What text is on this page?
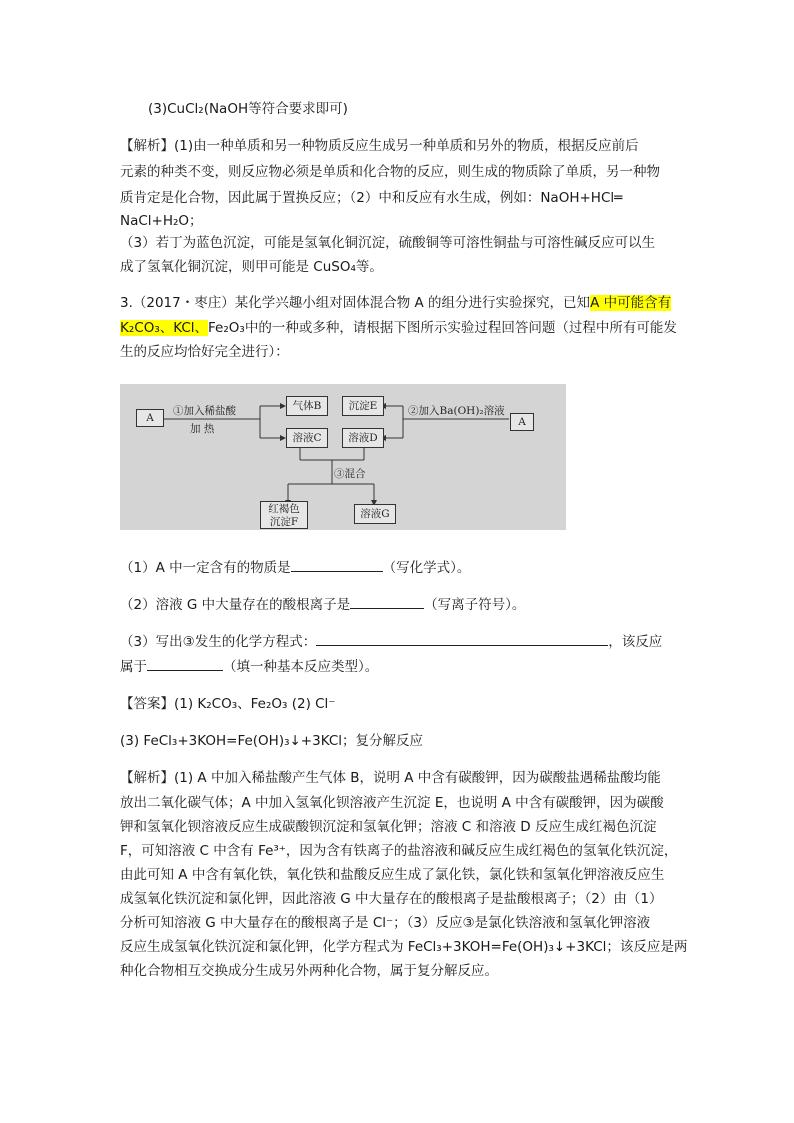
(3)CuCl₂(NaOH等符合要求即可)
【解析】(1)由一种单质和另一种物质反应生成另一种单质和另外的物质，根据反应前后
元素的种类不变，则反应物必须是单质和化合物的反应，则生成的物质除了单质，另一种物
质肯定是化合物，因此属于置换反应；（2）中和反应有水生成，例如：NaOH+HCl═
NaCl+H₂O；
（3）若丁为蓝色沉淀，可能是氢氧化铜沉淀，硫酸铜等可溶性铜盐与可溶性碱反应可以生
成了氢氧化铜沉淀，则甲可能是 CuSO₄等。
3.（2017・枣庄）某化学兴趣小组对固体混合物 A 的组分进行实验探究，已知A 中可能含有
K₂CO₃、KCl、Fe₂O₃中的一种或多种，请根据下图所示实验过程回答问题（过程中所有可能发
生的反应均恰好完全进行）：
A
①加入稀盐酸
加 热
气体B
溶液C
沉淀E
溶液D
②加入Ba(OH)₂溶液
A
③混合
红褐色
沉淀F
溶液G
（1）A 中一定含有的物质是	（写化学式）。
（2）溶液 G 中大量存在的酸根离子是	（写离子符号）。
（3）写出③发生的化学方程式：	，该反应
属于	（填一种基本反应类型）。
【答案】(1) K₂CO₃、Fe₂O₃ (2) Cl⁻
(3) FeCl₃+3KOH=Fe(OH)₃↓+3KCl；复分解反应
【解析】(1) A 中加入稀盐酸产生气体 B，说明 A 中含有碳酸钾，因为碳酸盐遇稀盐酸均能
放出二氧化碳气体；A 中加入氢氧化钡溶液产生沉淀 E，也说明 A 中含有碳酸钾，因为碳酸
钾和氢氧化钡溶液反应生成碳酸钡沉淀和氢氧化钾；溶液 C 和溶液 D 反应生成红褐色沉淀
F，可知溶液 C 中含有 Fe³⁺，因为含有铁离子的盐溶液和碱反应生成红褐色的氢氧化铁沉淀，
由此可知 A 中含有氧化铁，氧化铁和盐酸反应生成了氯化铁，氯化铁和氢氧化钾溶液反应生
成氢氧化铁沉淀和氯化钾，因此溶液 G 中大量存在的酸根离子是盐酸根离子；（2）由（1）
分析可知溶液 G 中大量存在的酸根离子是 Cl⁻；（3）反应③是氯化铁溶液和氢氧化钾溶液
反应生成氢氧化铁沉淀和氯化钾，化学方程式为 FeCl₃+3KOH=Fe(OH)₃↓+3KCl；该反应是两
种化合物相互交换成分生成另外两种化合物，属于复分解反应。
